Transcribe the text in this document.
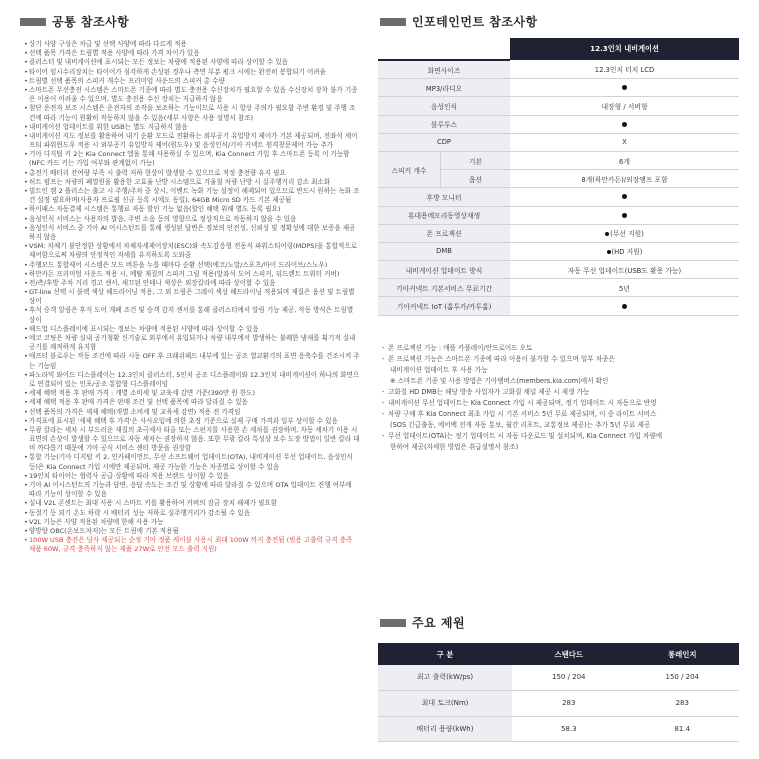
공통 참조사항	인포테인먼트 참조사항
주요 제원
• 상기 사양 구성은 차급 및 선택 사양에 따라 다르게 적용
• 선택 품목 가격은 트림별 적용 사양에 따라 가격 차이가 있음
• 클러스터 및 내비게이션에 표시되는 모든 정보는 차량에 적용된 사양에 따라 상이할 수 있음
• 타이어 임시수리장치는 타이어가 심각하게 손상된 경우나 측면 부분 펑크 시에는 완전히 봉합되기 어려움
• 트림별 선택 품목의 스피커 개수는 프리미엄 사운드의 스피커 총 수량
• 스마트폰 무선충전 시스템은 스마트폰 기종에 따라 별도 충전용 수신장치가 필요할 수 있음 수신장치 장착 불가 기종은 이용이 어려울 수 있으며, 별도 충전용 수신 장치는 지급하지 않음
• 첨단 운전자 보조 시스템은 운전자의 조작을 보조하는 기능이므로 사용 시 항상 주의가 필요함 주변 환경 및 주행 조건에 따라 기능이 원활히 작동하지 않을 수 있음(세부 사항은 사용 설명서 참조)
• 내비게이션 업데이트를 위한 USB는 별도 지급하지 않음
• 내비게이션 지도 정보를 활용하여 내기 순환 모드로 전환하는 외부공기 유입방지 제어가 기본 제공되며, 전좌석 세이프티 파워윈도우 적용 시 외부공기 유입방지 제어(원도우) 및 음성인식/기아 커넥트 원격창문제어 가능 추가
• 기아 디지털 키 2는 Kia Connect 앱을 통해 사용하실 수 있으며, Kia Connect 가입 후 스마트폰 등록 이 가능함(NFC 카드 키는 가입 여부와 관계없이 가능)
• 총전기 배터리 잔여량 부족 시 출력 저하 현상이 발생할 수 있으므로 적정 충전량 유지 필요
• 히트 펌프는 차량의 폐열원을 활용한 고효율 난방 시스템으로 겨울철 차량 난방 시 실주행거리 감소 최소화
• 빌트인 캠 2 플러스는 출고 시 주행/주차 중 상시, 이벤트 녹화 기능 설정이 해제되어 있으므로 반드시 원하는 녹화 조건 설정 필요하며(사용자 프로필 신규 등록 시에도 동일), 64GB Micro SD 카드 기본 제공됨
• 하이패스 자동결제 시스템은 통행료 자동 할인 기능 없음(할인 혜택 위해 별도 등록 필요)
• 음성인식 서비스는 사용자의 발음, 주변 소음 등의 영향으로 정상적으로 작동하지 않을 수 있음
• 음성인식 서비스 중 기아 AI 어시스턴트를 통해 생성된 답변은 정보의 안전성, 신뢰성 및 정확성에 대한 보증을 제공하지 않음
• VSM: 차체기 불안정한 상황에서 차체자세제어장치(ESC)와 속도감응형 전동식 파워스티어링(MDPS)을 통합적으로 제어함으로써 차량의 안정적인 자세를 유지하도록 도와줌
• 주행모드 통합제어 시스템은 모드 버튼을 누를 때마다 순환 선택(에코/노말/스포츠/마이 드라이브/스노우)
• 하만카돈 프리미엄 사운드 적용 시, 메탈 재질의 스피커 그릴 적용(앞좌석 도어 스피커, 뒤드렌트 트위터 커버)
• 전/측/후방 주차 거리 경고 센서, 새끄된 안테나 색상은 외장칼라에 따라 상이할 수 있음
• GT-line 선택 시 블랙 색상 헤드라이닝 적용, 그 외 트림은 그레이 색상 헤드라이닝 적용되며 재질은 옵션 및 트림별 상이
• 후석 승객 알림은 후석 도어 개폐 조건 및 승객 감지 센서를 통해 클러스터에서 알림 기능 제공, 작동 방식은 트림별 상이
• 헤드업 디스플레이에 표시되는 정보는 차량에 적용된 사양에 따라 상이할 수 있음
• 에코 코팅은 차량 실내 공기청환 신기술로 외부에서 유입되거나 차량 내부에서 발생하는 불쾌한 냄새를 획기적 실내공기를 쾌적하게 유지함
• 애프터 블로우는 작동 조건에 따라 시동 OFF 후 크래쉬패드 내부에 있는 공조 열교환기의 표면 응축수를 건조시켜 주는 기능임
• 파노라믹 와이드 디스플레이는 12.3인치 클러스터, 5인치 공조 디스플레이와 12.3인치 내비게이션이 하나의 화면으로 연결되어 있는 인포/공조 통합형 디스플레이임
• 세제 혜택 적용 후 판매 가격 : 개별 소비세 및 교육세 감면 기준(390만 원 한도)
• 세제 혜택 적용 후 판매 가격은 판매 조건 및 선택 품목에 따라 달라질 수 있음
• 선택 품목의 가격은 세제 혜택(개별 소비세 및 교육세 감면) 적용 전 가격임
• 가격표에 표시된 '세제 혜택 후 가격'은 사사오입에 의한 초정 기준으로 실제 구매 가격과 일부 상이할 수 있음
• 무광 칼라는 세차 시 부드러운 재질의 초극세사 타올 또는 스펀지를 사용한 손 세차를 권장하며, 자동 세차기 이용 시 표면의 손상이 발생할 수 있으므로 자동 세차는 권장하지 않음. 또한 무광 칼라 특성상 보수 도장 방법이 일반 칼라 대비 까다롭기 때문에 기아 공식 서비스 센터 방문을 권장함
• 통합 기능(기아 디지털 키 2, 인카페이먼트, 무선 소프트웨어 업데이트(OTA), 내비게이션 무선 업데이트, 음성인식 등)은 Kia Connect 가입 시에만 제공되며, 제공 가능한 기능은 차종별로 상이할 수 있음
• 19인치 타이어는 협력사 공급 상황에 따라 적용 브랜드 상이할 수 있음
• 기아 AI 어시스턴트의 기능과 답변, 응답 속도는 조건 및 상황에 따라 달라질 수 있으며 OTA 업데이트 진행 여부에 따라 기능이 상이할 수 있음
• 실내 V2L 콘센트는 최대 사용 시 스마트 키를 활용하여 커버의 잠금 장치 해제가 필요함
• 동절기 등 외기 온도 하락 시 배터리 성능 저하로 실주행거리가 감소될 수 있음
• V2L 기능은 사양 적용된 차량에 한해 사용 가능
• 양방향 OBC(온보드차저)는 모든 트림에 기본 적용됨
• 100W USB 충전은 당사 제공되는 순정 기아 정품 케이블 사용시 최대 100W 까지 충전됨 (범용 고출력 규격 충족 제품 60W, 규격 충족하지 않는 제품 27W로 안전 모드 출력 지원)
		12.3인치 내비게이션
화면사이즈		12.3인치 터치 LCD
MP3/라디오		
음성인식		내장형 / 서버형
블루투스		
CDP		X
스피커 개수	기본	6개
	옵션	8개(하만카돈)/외장앰프 포함
후방 모니터		
휴대용메모리동영상재생		
폰 프로젝션		(무선 지원)
DMB		(HD 지원)
내비게이션 업데이트 방식		자동 무선 업데이트(USB도 활용 가능)
기아커넥트 기본서비스 무료기간		5년
기아커넥트 IoT (홈투카/카투홈)		
- 폰 프로젝션 기능 : 애플 카플레이/안드로이드 오토
- 폰 프로젝션 기능은 스마트폰 기종에 따라 이용이 불가할 수 있으며 일부 차종은
내비게이션 업데이트 후 사용 가능
※ 스마트폰 기종 및 사용 방법은 기아멤버스(members.kia.com)에서 확인
- 고화질 HD DMB는 해당 방송 사업자가 고화질 채널 제공 시 재생 가능
- 내비게이션 무선 업데이트는 Kia Connect 가입 시 제공되며, 정기 업데이트 시 자동으로 반영
- 차량 구매 후 Kia Connect 최초 가입 시 기본 서비스 5년 무료 제공되며, 이 중 라이트 서비스
(SOS 긴급출동, 에어백 전개 자동 통보, 월간 리포트, 교통정보 제공)는 추가 5년 무료 제공
- 무선 업데이트(OTA)는 정기 업데이트 시 자동 다운로드 및 설치되며, Kia Connect 가입 차량에
한하여 제공(자세한 방법은 취급설명서 참조)
구 분	스탠다드	롱레인지
최고 출력(kW/ps)	150 / 204	150 / 204
최대 토크(Nm)	283	283
배터리 용량(kWh)	58.3	81.4
